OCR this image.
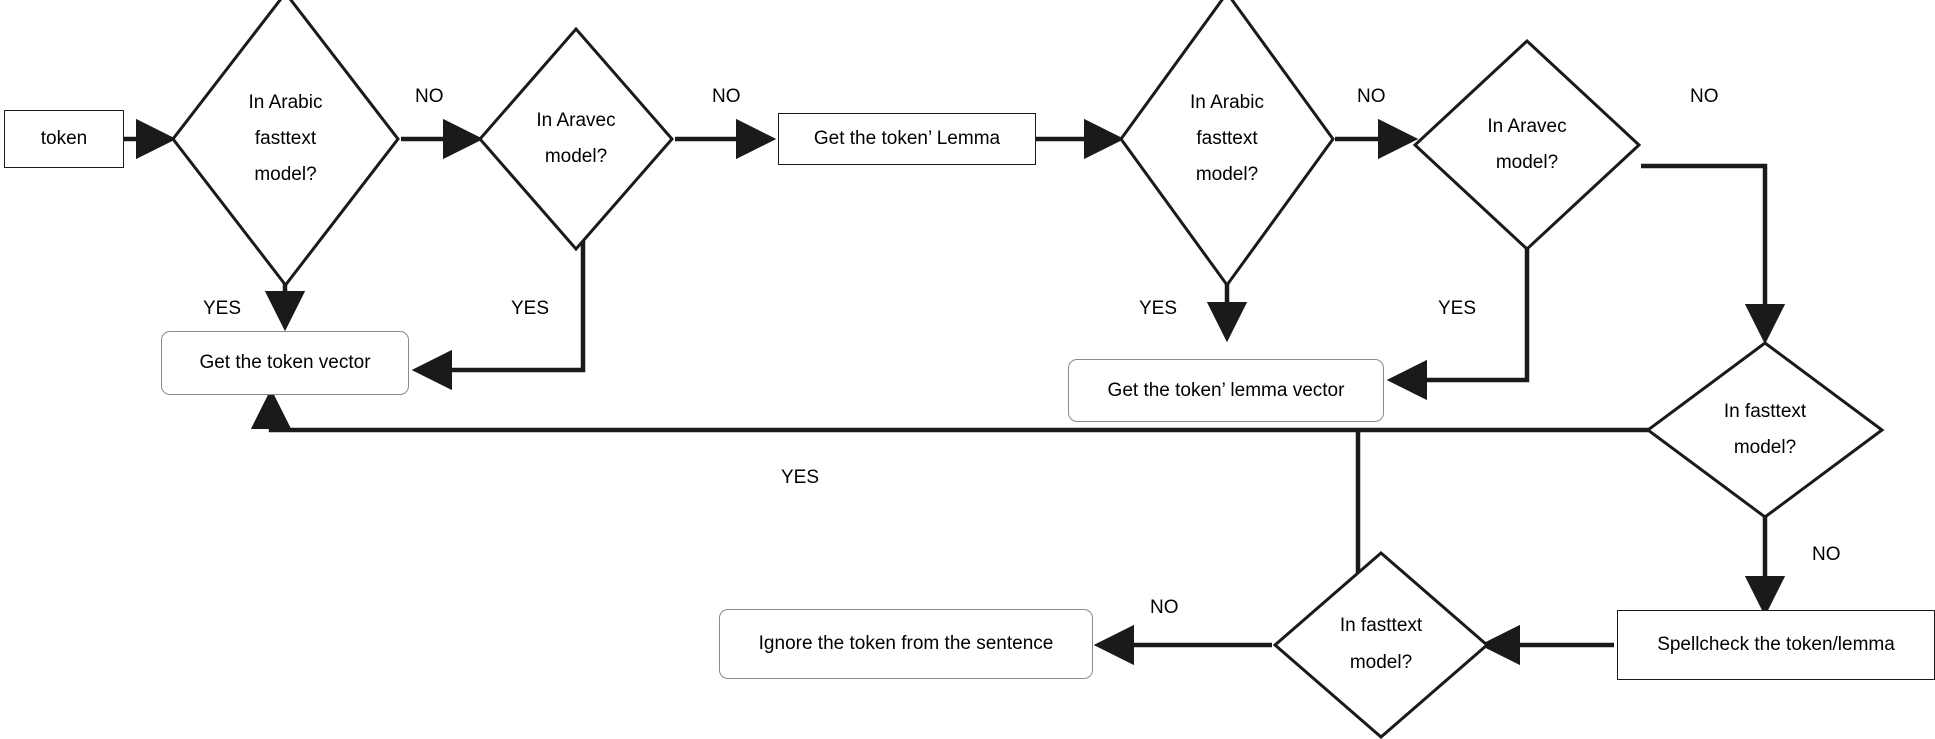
token
In Arabic
fasttext
model?
In Aravec
model?
Get the token’ Lemma
In Arabic
fasttext
model?
In Aravec
model?
Get the token vector
Get the token’ lemma vector
In fasttext
model?
Spellcheck the token/lemma
In fasttext
model?
Ignore the token from the sentence
NO	NO	NO	NO
YES	YES	YES	YES
YES
NO
NO
